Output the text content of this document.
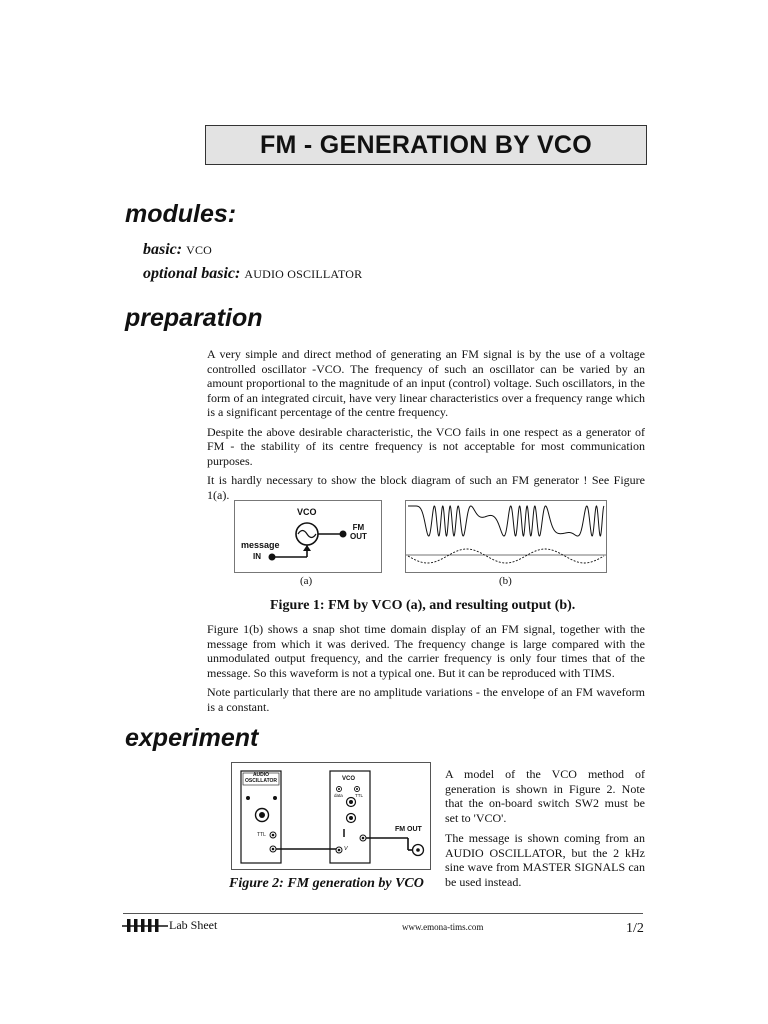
FM - GENERATION BY VCO
modules:
basic: VCO
optional basic: AUDIO OSCILLATOR
preparation

A very simple and direct method of generating an FM signal is by the use of a voltage controlled oscillator -VCO. The frequency of such an oscillator can be varied by an amount proportional to the magnitude of an input (control) voltage. Such oscillators, in the form of an integrated circuit, have very linear characteristics over a frequency range which is a significant percentage of the centre frequency.

Despite the above desirable characteristic, the VCO fails in one respect as a generator of FM - the stability of its centre frequency is not acceptable for most communication purposes.

It is hardly necessary to show the block diagram of such an FM generator ! See Figure 1(a).

VCO
FM
OUT
message
IN
(a)	(b)
Figure 1: FM by VCO (a), and resulting output (b).

Figure 1(b) shows a snap shot time domain display of an FM signal, together with the message from which it was derived. The frequency change is large compared with the unmodulated output frequency, and the carrier frequency is only four times that of the message. So this waveform is not a typical one. But it can be reproduced with TIMS.

Note particularly that there are no amplitude variations - the envelope of an FM waveform is a constant.

experiment
AUDIO
OSCILLATOR
TTL
VCO
data	TTL
V
FM OUT
Figure 2: FM generation by VCO

A model of the VCO method of generation is shown in Figure 2. Note that the on-board switch SW2 must be set to 'VCO'.

The message is shown coming from an AUDIO OSCILLATOR, but the 2 kHz sine wave from MASTER SIGNALS can be used instead.

Lab Sheet	www.emona-tims.com	1/2
